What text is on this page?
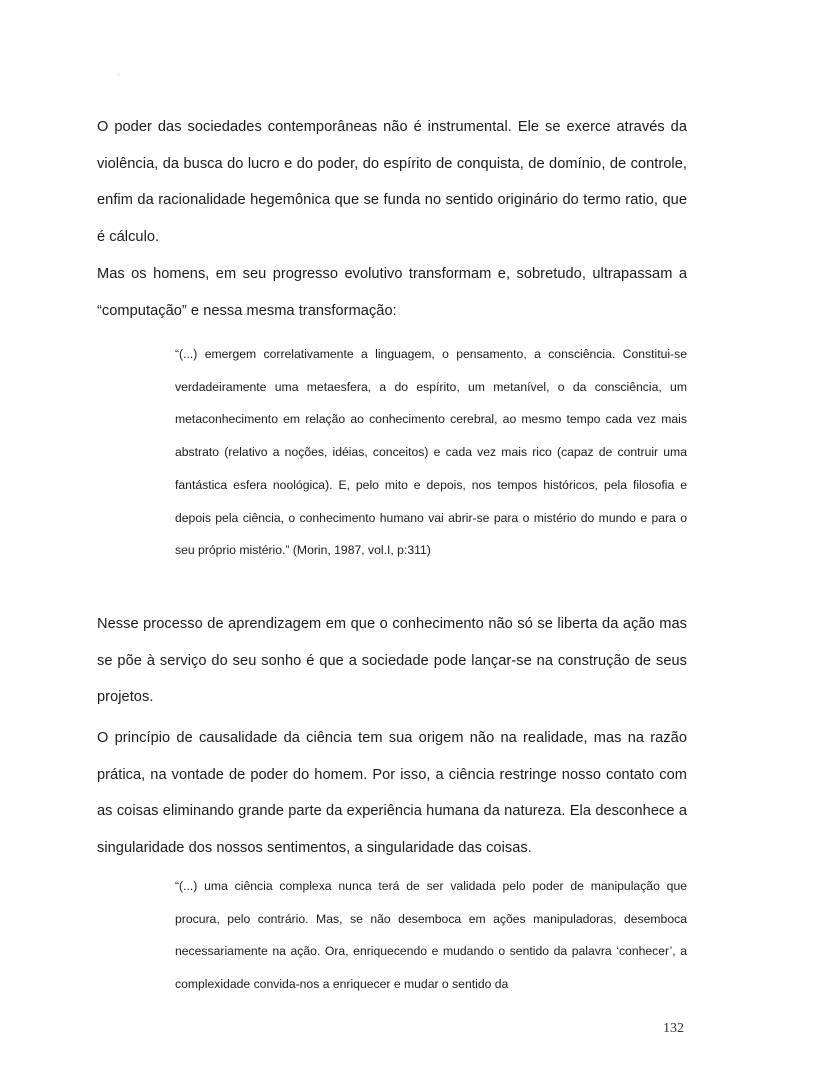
O poder das sociedades contemporâneas não é instrumental. Ele se exerce através da violência, da busca do lucro e do poder, do espírito de conquista, de domínio, de controle, enfim da racionalidade hegemônica que se funda no sentido originário do termo ratio, que é cálculo.

Mas os homens, em seu progresso evolutivo transformam e, sobretudo, ultrapassam a “computação” e nessa mesma transformação:

“(...) emergem correlativamente a linguagem, o pensamento, a consciência. Constitui-se verdadeiramente uma metaesfera, a do espírito, um metanível, o da consciência, um metaconhecimento em relação ao conhecimento cerebral, ao mesmo tempo cada vez mais abstrato (relativo a noções, idéias, conceitos) e cada vez mais rico (capaz de contruir uma fantástica esfera noológica). E, pelo mito e depois, nos tempos históricos, pela filosofia e depois pela ciência, o conhecimento humano vai abrir-se para o mistério do mundo e para o seu próprio mistério.” (Morin, 1987, vol.I, p:311)

Nesse processo de aprendizagem em que o conhecimento não só se liberta da ação mas se põe à serviço do seu sonho é que a sociedade pode lançar-se na construção de seus projetos.

O princípio de causalidade da ciência tem sua origem não na realidade, mas na razão prática, na vontade de poder do homem. Por isso, a ciência restringe nosso contato com as coisas eliminando grande parte da experiência humana da natureza. Ela desconhece a singularidade dos nossos sentimentos, a singularidade das coisas.

“(...) uma ciência complexa nunca terá de ser validada pelo poder de manipulação que procura, pelo contrário. Mas, se não desemboca em ações manipuladoras, desemboca necessariamente na ação. Ora, enriquecendo e mudando o sentido da palavra ‘conhecer’, a complexidade convida-nos a enriquecer e mudar o sentido da

132
